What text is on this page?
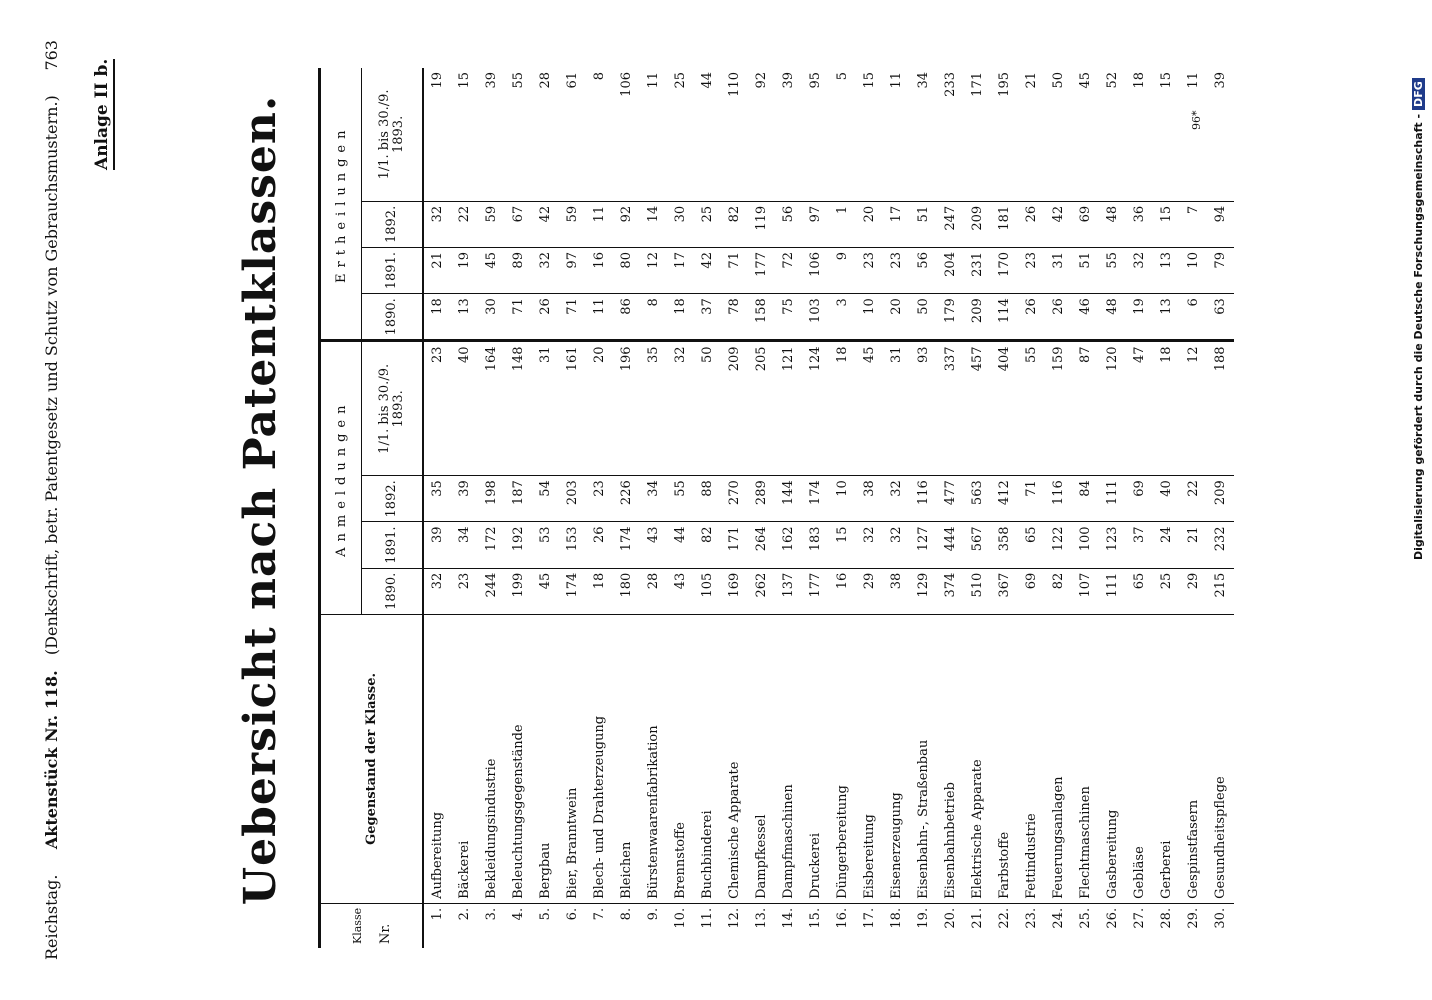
Reichstag.     Aktenstück Nr. 118.   (Denkschrift, betr. Patentgesetz und Schutz von Gebrauchsmustern.)
763
Anlage II b.	Uebersicht nach Patentklassen.
Klasse Nr.	Gegenstand der Klasse.	Anmeldungen				Ertheilungen			
		1890.	1891.	1892.	1/1. bis 30./9. 1893.	1890.	1891.	1892.	1/1. bis 30./9. 1893.
1.	Aufbereitung	32	39	35	23	18	21	32	19
2.	Bäckerei	23	34	39	40	13	19	22	15
3.	Bekleidungsindustrie	244	172	198	164	30	45	59	39
4.	Beleuchtungsgegenstände	199	192	187	148	71	89	67	55
5.	Bergbau	45	53	54	31	26	32	42	28
6.	Bier, Branntwein	174	153	203	161	71	97	59	61
7.	Blech- und Drahterzeugung	18	26	23	20	11	16	11	8
8.	Bleichen	180	174	226	196	86	80	92	106
9.	Bürstenwaarenfabrikation	28	43	34	35	8	12	14	11
10.	Brennstoffe	43	44	55	32	18	17	30	25
11.	Buchbinderei	105	82	88	50	37	42	25	44
12.	Chemische Apparate	169	171	270	209	78	71	82	110
13.	Dampfkessel	262	264	289	205	158	177	119	92
14.	Dampfmaschinen	137	162	144	121	75	72	56	39
15.	Druckerei	177	183	174	124	103	106	97	95
16.	Düngerbereitung	16	15	10	18	3	9	1	5
17.	Eisbereitung	29	32	38	45	10	23	20	15
18.	Eisenerzeugung	38	32	32	31	20	23	17	11
19.	Eisenbahn-, Straßenbau	129	127	116	93	50	56	51	34
20.	Eisenbahnbetrieb	374	444	477	337	179	204	247	233
21.	Elektrische Apparate	510	567	563	457	209	231	209	171
22.	Farbstoffe	367	358	412	404	114	170	181	195
23.	Fettindustrie	69	65	71	55	26	23	26	21
24.	Feuerungsanlagen	82	122	116	159	26	31	42	50
25.	Flechtmaschinen	107	100	84	87	46	51	69	45
26.	Gasbereitung	111	123	111	120	48	55	48	52
27.	Gebläse	65	37	69	47	19	32	36	18
28.	Gerberei	25	24	40	18	13	13	15	15
29.	Gespinstfasern	29	21	22	12	6	10	7	11
30.	Gesundheitspflege	215	232	209	188	63	79	94	39
96*	Digitalisierung gefördert durch die Deutsche Forschungsgemeinschaft -DFG
